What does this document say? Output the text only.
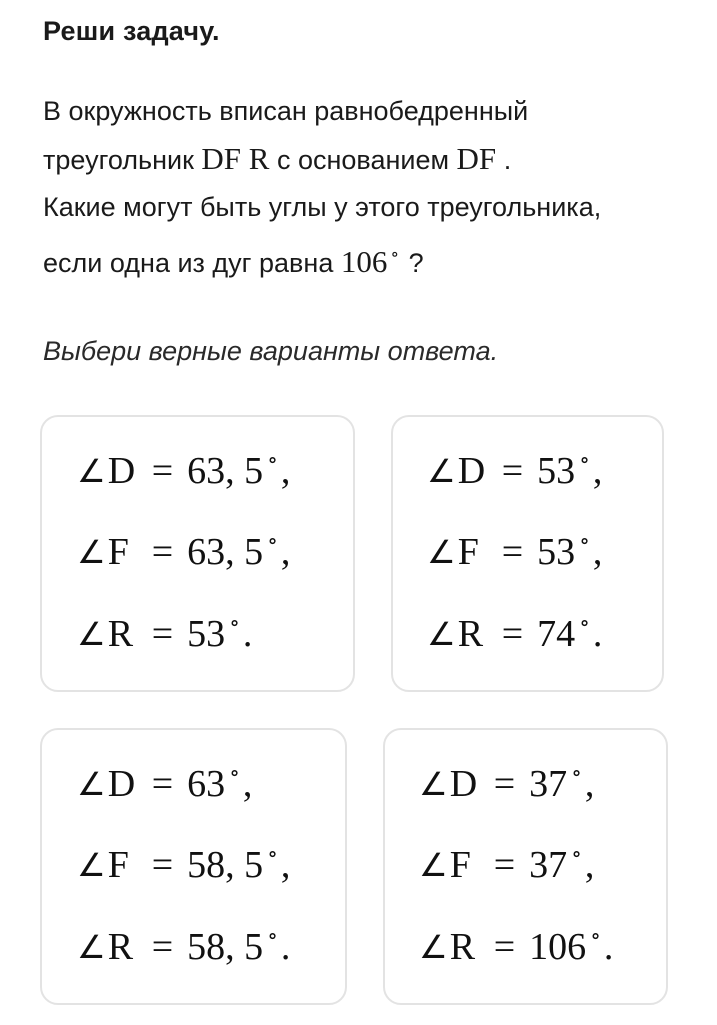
Реши задачу.
В окружность вписан равнобедренный
треугольник DF R с основанием DF .
Какие могут быть углы у этого треугольника,
если одна из дуг равна 106 ∘ ?
Выбери верные варианты ответа.
∠D = 63, 5 ∘,
∠F = 63, 5 ∘,
∠R = 53 ∘.
∠D = 53 ∘,
∠F = 53 ∘,
∠R = 74 ∘.
∠D = 63 ∘,
∠F = 58, 5 ∘,
∠R = 58, 5 ∘.
∠D = 37 ∘,
∠F = 37 ∘,
∠R = 106 ∘.
